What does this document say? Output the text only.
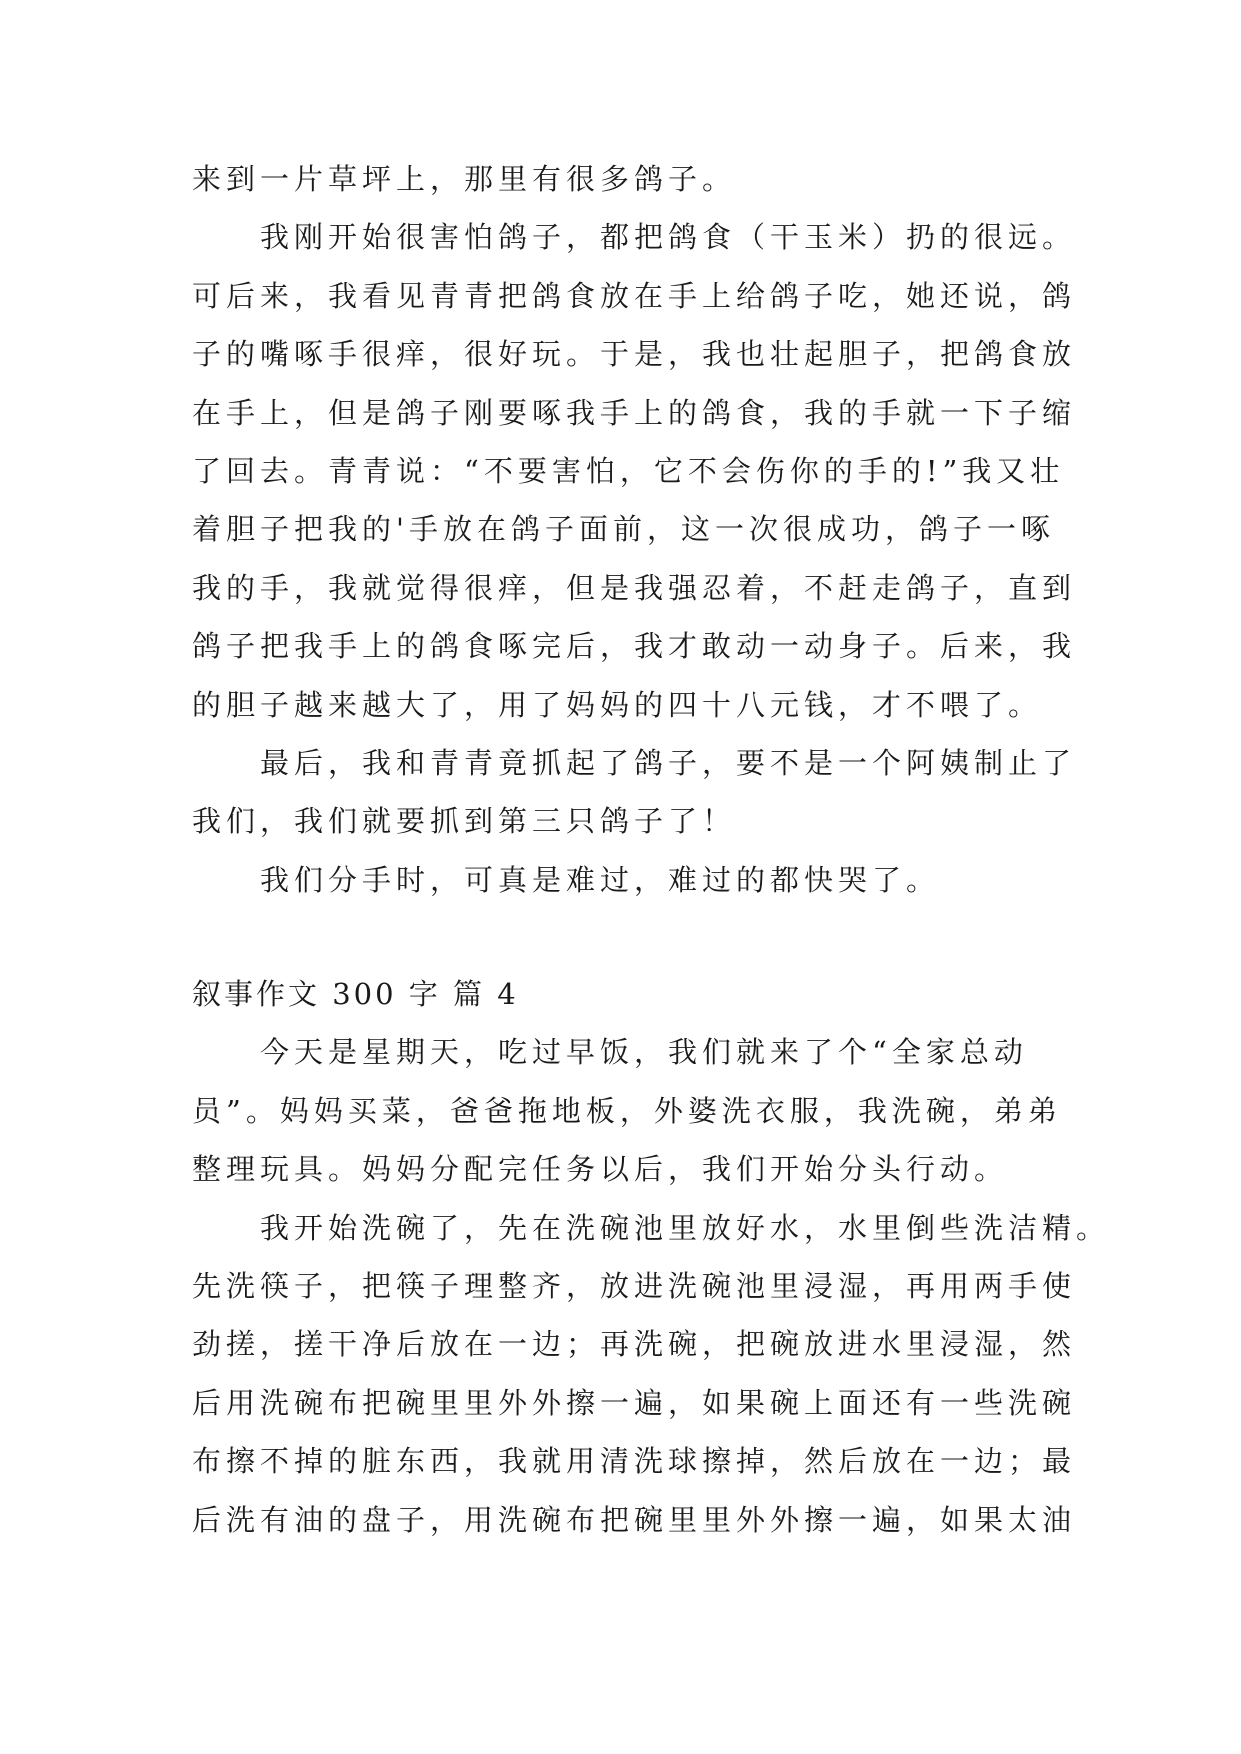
来到一片草坪上，那里有很多鸽子。
我刚开始很害怕鸽子，都把鸽食（干玉米）扔的很远。
可后来，我看见青青把鸽食放在手上给鸽子吃，她还说，鸽
子的嘴啄手很痒，很好玩。于是，我也壮起胆子，把鸽食放
在手上，但是鸽子刚要啄我手上的鸽食，我的手就一下子缩
了回去。青青说：“不要害怕，它不会伤你的手的!”我又壮
着胆子把我的'手放在鸽子面前，这一次很成功，鸽子一啄
我的手，我就觉得很痒，但是我强忍着，不赶走鸽子，直到
鸽子把我手上的鸽食啄完后，我才敢动一动身子。后来，我
的胆子越来越大了，用了妈妈的四十八元钱，才不喂了。
最后，我和青青竟抓起了鸽子，要不是一个阿姨制止了
我们，我们就要抓到第三只鸽子了！
我们分手时，可真是难过，难过的都快哭了。
叙事作文 300 字 篇 4
今天是星期天，吃过早饭，我们就来了个“全家总动
员”。妈妈买菜，爸爸拖地板，外婆洗衣服，我洗碗，弟弟
整理玩具。妈妈分配完任务以后，我们开始分头行动。
我开始洗碗了，先在洗碗池里放好水，水里倒些洗洁精。
先洗筷子，把筷子理整齐，放进洗碗池里浸湿，再用两手使
劲搓，搓干净后放在一边；再洗碗，把碗放进水里浸湿，然
后用洗碗布把碗里里外外擦一遍，如果碗上面还有一些洗碗
布擦不掉的脏东西，我就用清洗球擦掉，然后放在一边；最
后洗有油的盘子，用洗碗布把碗里里外外擦一遍，如果太油
